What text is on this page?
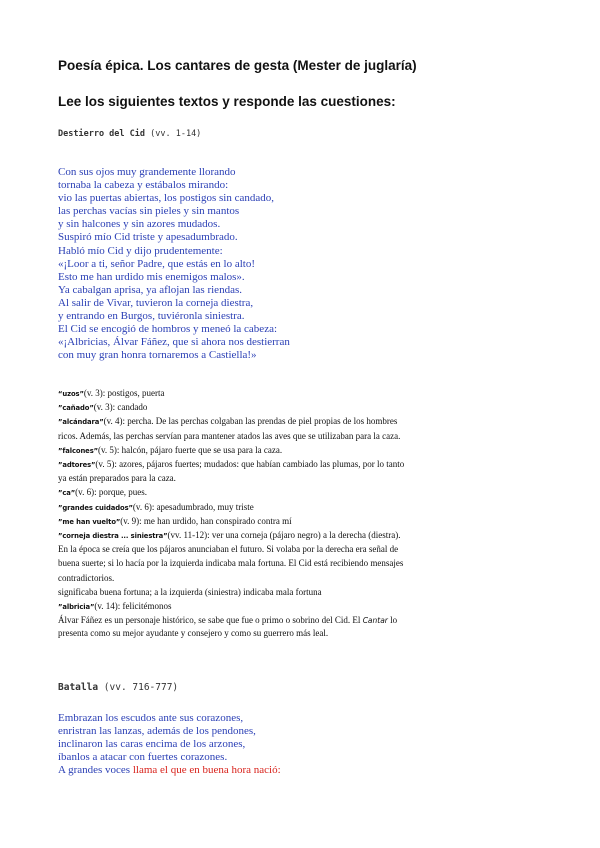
Poesía épica. Los cantares de gesta (Mester de juglaría)
Lee los siguientes textos y responde las cuestiones:
Destierro del Cid (vv. 1-14)
Con sus ojos muy grandemente llorando
tornaba la cabeza y estábalos mirando:
vio las puertas abiertas, los postigos sin candado,
las perchas vacías sin pieles y sin mantos
y sin halcones y sin azores mudados.
Suspiró mío Cid triste y apesadumbrado.
Habló mío Cid y dijo prudentemente:
«¡Loor a ti, señor Padre, que estás en lo alto!
Esto me han urdido mis enemigos malos».
Ya cabalgan aprisa, ya aflojan las riendas.
Al salir de Vivar, tuvieron la corneja diestra,
y entrando en Burgos, tuviéronla siniestra.
El Cid se encogió de hombros y meneó la cabeza:
«¡Albricias, Álvar Fáñez, que si ahora nos destierran
con muy gran honra tornaremos a Castiella!»
“uzos”(v. 3): postigos, puerta
”cañado”(v. 3): candado
”alcándara”(v. 4): percha. De las perchas colgaban las prendas de piel propias de los hombres
ricos. Además, las perchas servían para mantener atados las aves que se utilizaban para la caza.
”falcones”(v. 5): halcón, pájaro fuerte que se usa para la caza.
”adtores”(v. 5): azores, pájaros fuertes; mudados: que habían cambiado las plumas, por lo tanto
ya están preparados para la caza.
”ca”(v. 6): porque, pues.
”grandes cuidados”(v. 6): apesadumbrado, muy triste
”me han vuelto”(v. 9): me han urdido, han conspirado contra mí
”corneja diestra ... siniestra”(vv. 11-12): ver una corneja (pájaro negro) a la derecha (diestra).
En la época se creía que los pájaros anunciaban el futuro. Si volaba por la derecha era señal de
buena suerte; si lo hacía por la izquierda indicaba mala fortuna. El Cid está recibiendo mensajes
contradictorios.
significaba buena fortuna; a la izquierda (siniestra) indicaba mala fortuna
”albricia”(v. 14): felicitémonos
Álvar Fáñez es un personaje histórico, se sabe que fue o primo o sobrino del Cid. El Cantar lo
presenta como su mejor ayudante y consejero y como su guerrero más leal.
Batalla (vv. 716-777)
Embrazan los escudos ante sus corazones,
enristran las lanzas, además de los pendones,
inclinaron las caras encima de los arzones,
íbanlos a atacar con fuertes corazones.
A grandes voces llama el que en buena hora nació:
